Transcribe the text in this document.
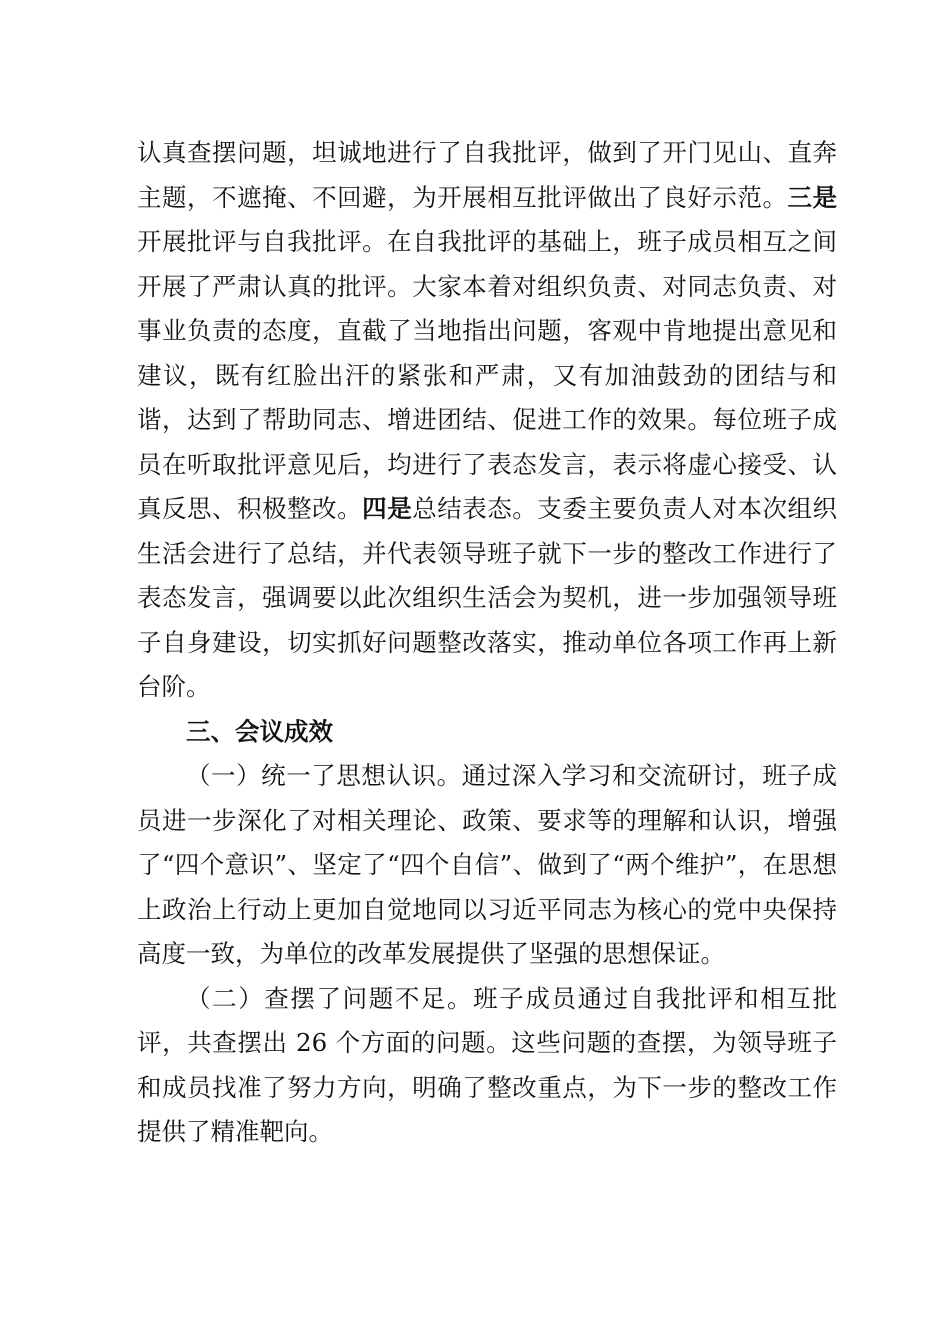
认真查摆问题，坦诚地进行了自我批评，做到了开门见山、直奔主题，不遮掩、不回避，为开展相互批评做出了良好示范。三是开展批评与自我批评。在自我批评的基础上，班子成员相互之间开展了严肃认真的批评。大家本着对组织负责、对同志负责、对事业负责的态度，直截了当地指出问题，客观中肯地提出意见和建议，既有红脸出汗的紧张和严肃，又有加油鼓劲的团结与和谐，达到了帮助同志、增进团结、促进工作的效果。每位班子成员在听取批评意见后，均进行了表态发言，表示将虚心接受、认真反思、积极整改。四是总结表态。支委主要负责人对本次组织生活会进行了总结，并代表领导班子就下一步的整改工作进行了表态发言，强调要以此次组织生活会为契机，进一步加强领导班子自身建设，切实抓好问题整改落实，推动单位各项工作再上新台阶。

三、会议成效

（一）统一了思想认识。通过深入学习和交流研讨，班子成员进一步深化了对相关理论、政策、要求等的理解和认识，增强了“四个意识”、坚定了“四个自信”、做到了“两个维护”，在思想上政治上行动上更加自觉地同以习近平同志为核心的党中央保持高度一致，为单位的改革发展提供了坚强的思想保证。

（二）查摆了问题不足。班子成员通过自我批评和相互批评，共查摆出 26 个方面的问题。这些问题的查摆，为领导班子和成员找准了努力方向，明确了整改重点，为下一步的整改工作提供了精准靶向。
